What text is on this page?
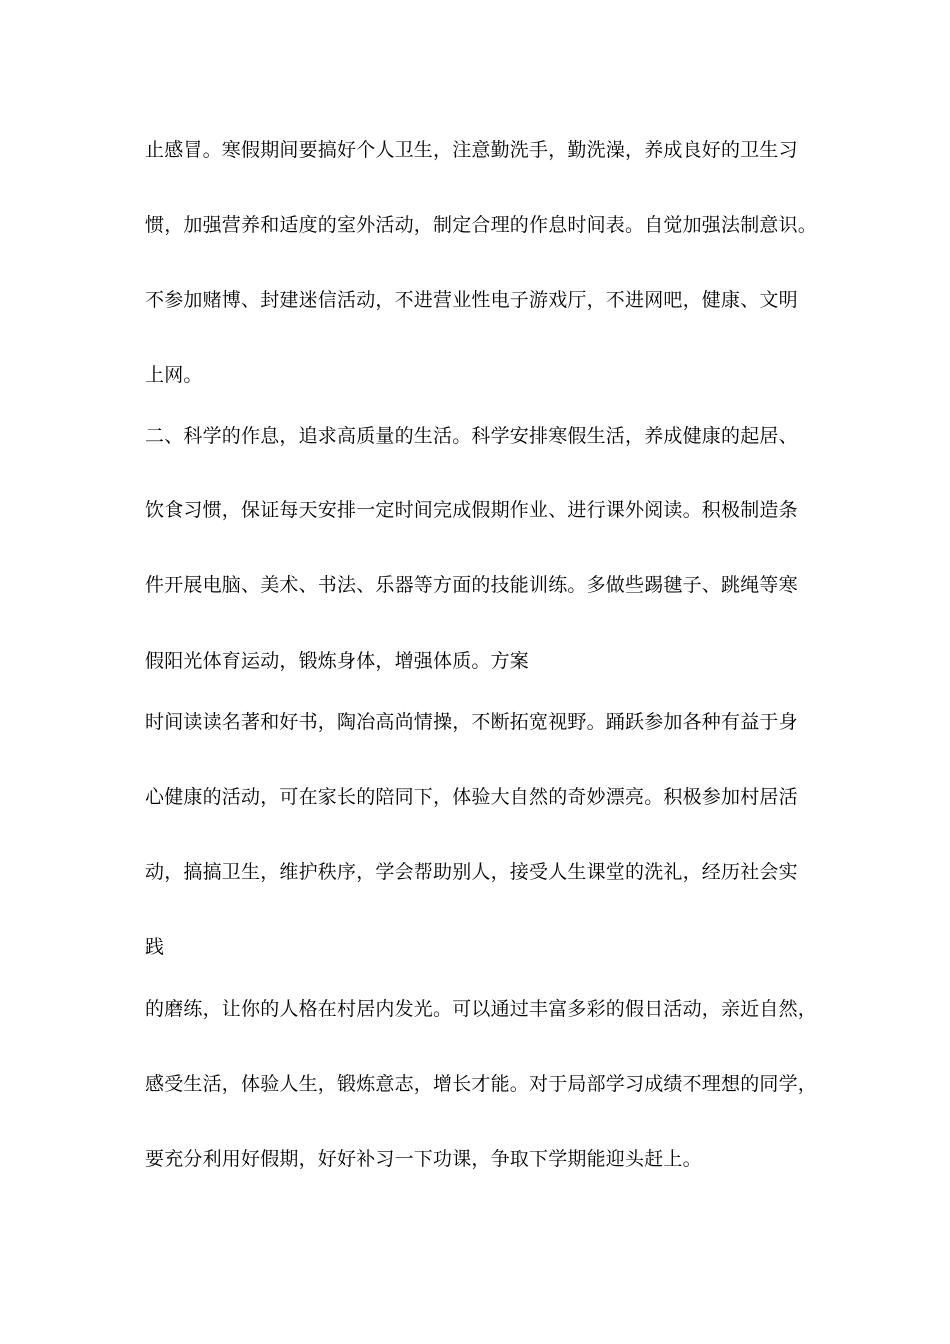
止感冒。寒假期间要搞好个人卫生，注意勤洗手，勤洗澡，养成良好的卫生习
惯，加强营养和适度的室外活动，制定合理的作息时间表。自觉加强法制意识。
不参加赌博、封建迷信活动，不进营业性电子游戏厅，不进网吧，健康、文明
上网。
二、科学的作息，追求高质量的生活。科学安排寒假生活，养成健康的起居、
饮食习惯，保证每天安排一定时间完成假期作业、进行课外阅读。积极制造条
件开展电脑、美术、书法、乐器等方面的技能训练。多做些踢毽子、跳绳等寒
假阳光体育运动，锻炼身体，增强体质。方案
时间读读名著和好书，陶冶高尚情操，不断拓宽视野。踊跃参加各种有益于身
心健康的活动，可在家长的陪同下，体验大自然的奇妙漂亮。积极参加村居活
动，搞搞卫生，维护秩序，学会帮助别人，接受人生课堂的洗礼，经历社会实
践
的磨练，让你的人格在村居内发光。可以通过丰富多彩的假日活动，亲近自然，
感受生活，体验人生，锻炼意志，增长才能。对于局部学习成绩不理想的同学，
要充分利用好假期，好好补习一下功课，争取下学期能迎头赶上。
